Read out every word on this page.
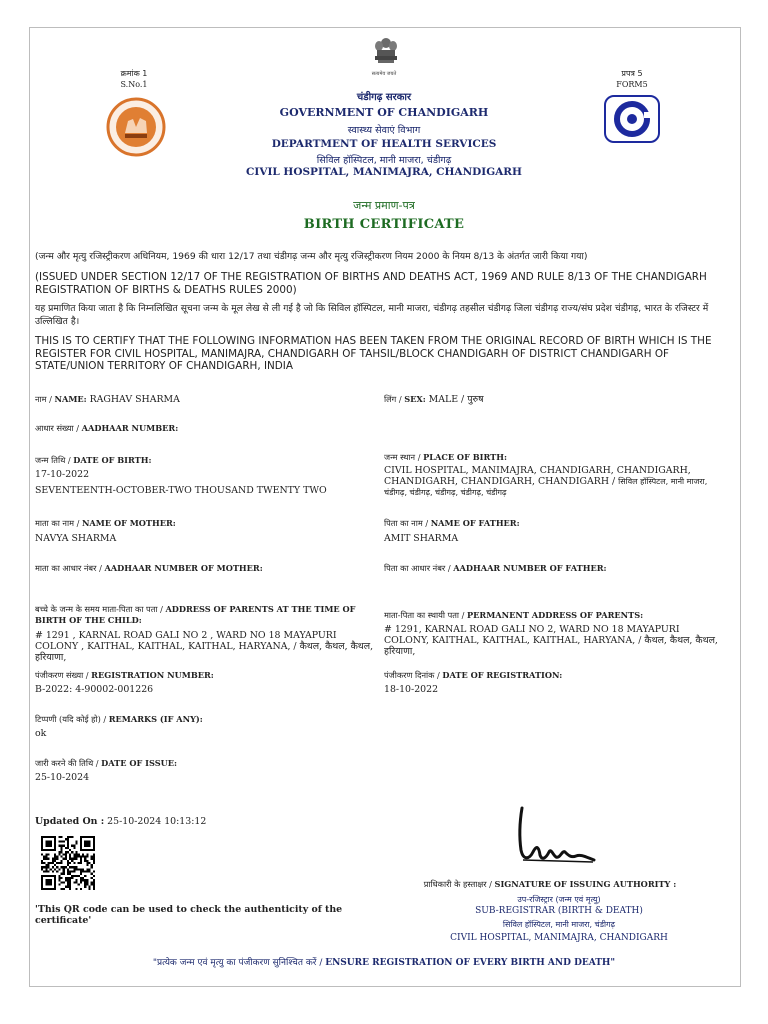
सत्यमेव जयते
क्रमांक 1
S.No.1
प्रपत्र 5
FORM5
चंडीगढ़ सरकार
GOVERNMENT OF CHANDIGARH
स्वास्थ्य सेवाएं विभाग
DEPARTMENT OF HEALTH SERVICES
सिविल हॉस्पिटल, मानी माजरा, चंडीगढ़
CIVIL HOSPITAL, MANIMAJRA, CHANDIGARH
जन्म प्रमाण-पत्र
BIRTH CERTIFICATE
(जन्म और मृत्यु रजिस्ट्रीकरण अधिनियम, 1969 की धारा 12/17 तथा चंडीगढ़ जन्म और मृत्यु रजिस्ट्रीकरण नियम 2000 के नियम 8/13 के अंतर्गत जारी किया गया)
(ISSUED UNDER SECTION 12/17 OF THE REGISTRATION OF BIRTHS AND DEATHS ACT, 1969 AND RULE 8/13 OF THE CHANDIGARH REGISTRATION OF BIRTHS & DEATHS RULES 2000)
यह प्रमाणित किया जाता है कि निम्नलिखित सूचना जन्म के मूल लेख से ली गई है जो कि सिविल हॉस्पिटल, मानी माजरा, चंडीगढ़ तहसील चंडीगढ़ जिला चंडीगढ़ राज्य/संघ प्रदेश चंडीगढ़, भारत के रजिस्टर में उल्लिखित है।
THIS IS TO CERTIFY THAT THE FOLLOWING INFORMATION HAS BEEN TAKEN FROM THE ORIGINAL RECORD OF BIRTH WHICH IS THE REGISTER FOR CIVIL HOSPITAL, MANIMAJRA, CHANDIGARH OF TAHSIL/BLOCK CHANDIGARH OF DISTRICT CHANDIGARH OF STATE/UNION TERRITORY OF CHANDIGARH, INDIA
नाम / NAME: RAGHAV SHARMA	लिंग / SEX: MALE / पुरुष
आधार संख्या / AADHAAR NUMBER:
जन्म तिथि / DATE OF BIRTH:
17-10-2022
SEVENTEENTH-OCTOBER-TWO THOUSAND TWENTY TWO
जन्म स्थान / PLACE OF BIRTH:
CIVIL HOSPITAL, MANIMAJRA, CHANDIGARH, CHANDIGARH, CHANDIGARH, CHANDIGARH, CHANDIGARH / सिविल हॉस्पिटल, मानी माजरा, चंडीगढ़, चंडीगढ़, चंडीगढ़, चंडीगढ़, चंडीगढ़
माता का नाम / NAME OF MOTHER:
NAVYA SHARMA
पिता का नाम / NAME OF FATHER:
AMIT SHARMA
माता का आधार नंबर / AADHAAR NUMBER OF MOTHER:	पिता का आधार नंबर / AADHAAR NUMBER OF FATHER:
बच्चे के जन्म के समय माता-पिता का पता / ADDRESS OF PARENTS AT THE TIME OF BIRTH OF THE CHILD:
# 1291 , KARNAL ROAD GALI NO 2 , WARD NO 18 MAYAPURI COLONY , KAITHAL, KAITHAL, KAITHAL, HARYANA, / कैथल, कैथल, कैथल, हरियाणा,
माता-पिता का स्थायी पता / PERMANENT ADDRESS OF PARENTS:
# 1291, KARNAL ROAD GALI NO 2, WARD NO 18 MAYAPURI COLONY, KAITHAL, KAITHAL, KAITHAL, HARYANA, / कैथल, कैथल, कैथल, हरियाणा,
पंजीकरण संख्या / REGISTRATION NUMBER:
B-2022: 4-90002-001226
पंजीकरण दिनांक / DATE OF REGISTRATION:
18-10-2022
टिप्पणी (यदि कोई हो) / REMARKS (IF ANY):
ok
जारी करने की तिथि / DATE OF ISSUE:
25-10-2024
Updated On : 25-10-2024 10:13:12
'This QR code can be used to check the authenticity of the certificate'
प्राधिकारी के हस्ताक्षर / SIGNATURE OF ISSUING AUTHORITY :
उप-रजिस्ट्रार (जन्म एवं मृत्यु)
SUB-REGISTRAR (BIRTH & DEATH)
सिविल हॉस्पिटल, मानी माजरा, चंडीगढ़
CIVIL HOSPITAL, MANIMAJRA, CHANDIGARH
"प्रत्येक जन्म एवं मृत्यु का पंजीकरण सुनिश्चित करें / ENSURE REGISTRATION OF EVERY BIRTH AND DEATH"
